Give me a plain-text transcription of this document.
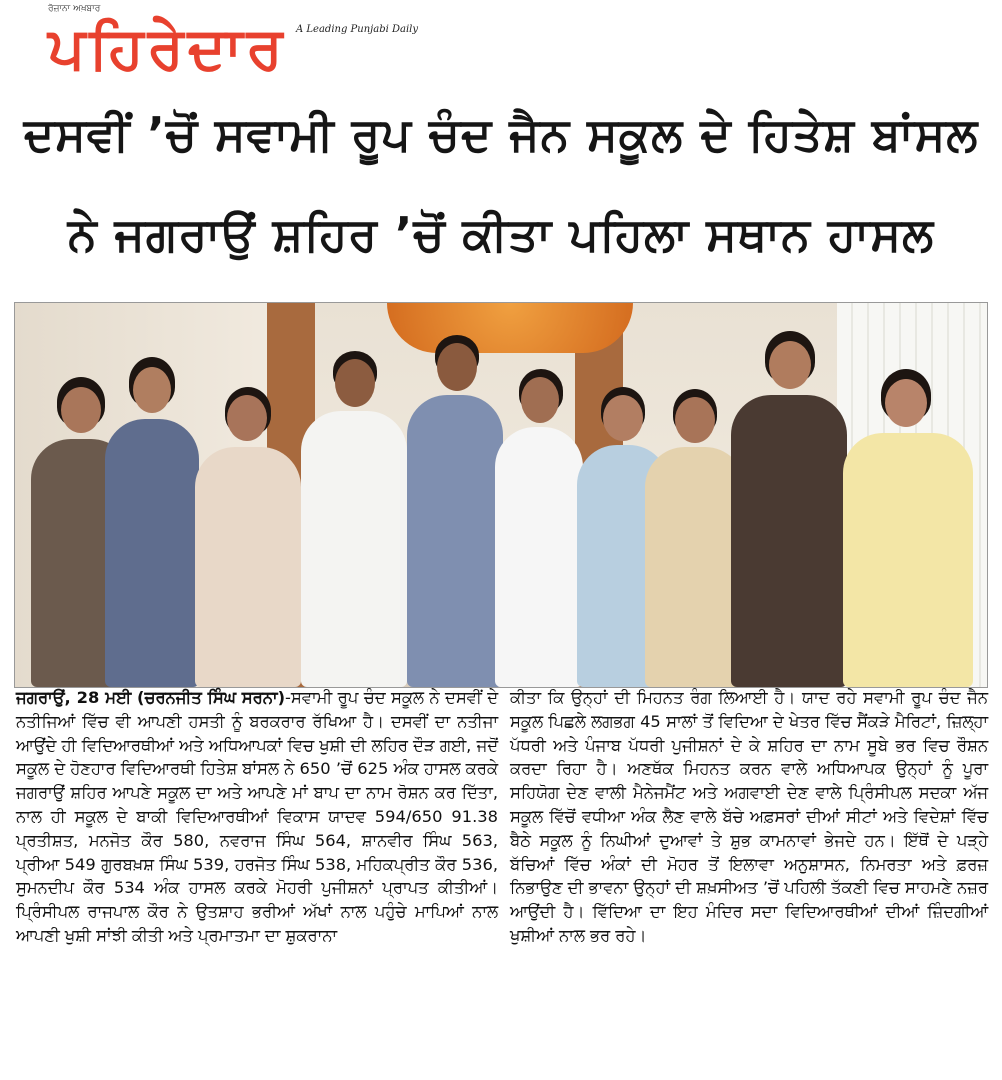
ਰੋਜ਼ਾਨਾ ਅਖ਼ਬਾਰ
ਪਹਿਰੇਦਾਰ A Leading Punjabi Daily
ਦਸਵੀਂ ’ਚੋਂ ਸਵਾਮੀ ਰੂਪ ਚੰਦ ਜੈਨ ਸਕੂਲ ਦੇ ਹਿਤੇਸ਼ ਬਾਂਸਲ
ਨੇ ਜਗਰਾਉਂ ਸ਼ਹਿਰ ’ਚੋਂ ਕੀਤਾ ਪਹਿਲਾ ਸਥਾਨ ਹਾਸਲ

ਜਗਰਾਉਂ, 28 ਮਈ (ਚਰਨਜੀਤ ਸਿੰਘ ਸਰਨਾ)-ਸਵਾਮੀ ਰੂਪ ਚੰਦ ਸਕੂਲ ਨੇ ਦਸਵੀਂ ਦੇ ਨਤੀਜਿਆਂ ਵਿੱਚ ਵੀ ਆਪਣੀ ਹਸਤੀ ਨੂੰ ਬਰਕਰਾਰ ਰੱਖਿਆ ਹੈ। ਦਸਵੀਂ ਦਾ ਨਤੀਜਾ ਆਉਂਦੇ ਹੀ ਵਿਦਿਆਰਥੀਆਂ ਅਤੇ ਅਧਿਆਪਕਾਂ ਵਿਚ ਖੁਸ਼ੀ ਦੀ ਲਹਿਰ ਦੌੜ ਗਈ, ਜਦੋਂ ਸਕੂਲ ਦੇ ਹੋਣਹਾਰ ਵਿਦਿਆਰਥੀ ਹਿਤੇਸ਼ ਬਾਂਸਲ ਨੇ 650 ’ਚੋਂ 625 ਅੰਕ ਹਾਸਲ ਕਰਕੇ ਜਗਰਾਉਂ ਸ਼ਹਿਰ ਆਪਣੇ ਸਕੂਲ ਦਾ ਅਤੇ ਆਪਣੇ ਮਾਂ ਬਾਪ ਦਾ ਨਾਮ ਰੋਸ਼ਨ ਕਰ ਦਿੱਤਾ, ਨਾਲ ਹੀ ਸਕੂਲ ਦੇ ਬਾਕੀ ਵਿਦਿਆਰਥੀਆਂ ਵਿਕਾਸ ਯਾਦਵ 594/650 91.38 ਪ੍ਰਤੀਸ਼ਤ, ਮਨਜੋਤ ਕੌਰ 580, ਨਵਰਾਜ ਸਿੰਘ 564, ਸ਼ਾਨਵੀਰ ਸਿੰਘ 563, ਪ੍ਰੀਆ 549 ਗੁਰਬਖ਼ਸ਼ ਸਿੰਘ 539, ਹਰਜੋਤ ਸਿੰਘ 538, ਮਹਿਕਪ੍ਰੀਤ ਕੌਰ 536, ਸੁਮਨਦੀਪ ਕੌਰ 534 ਅੰਕ ਹਾਸਲ ਕਰਕੇ ਮੋਹਰੀ ਪੁਜੀਸ਼ਨਾਂ ਪ੍ਰਾਪਤ ਕੀਤੀਆਂ। ਪ੍ਰਿੰਸੀਪਲ ਰਾਜਪਾਲ ਕੌਰ ਨੇ ਉਤਸ਼ਾਹ ਭਰੀਆਂ ਅੱਖਾਂ ਨਾਲ ਪਹੁੰਚੇ ਮਾਪਿਆਂ ਨਾਲ ਆਪਣੀ ਖੁਸ਼ੀ ਸਾਂਝੀ ਕੀਤੀ ਅਤੇ ਪ੍ਰਮਾਤਮਾ ਦਾ ਸ਼ੁਕਰਾਨਾ

ਕੀਤਾ ਕਿ ਉਨ੍ਹਾਂ ਦੀ ਮਿਹਨਤ ਰੰਗ ਲਿਆਈ ਹੈ। ਯਾਦ ਰਹੇ ਸਵਾਮੀ ਰੂਪ ਚੰਦ ਜੈਨ ਸਕੂਲ ਪਿਛਲੇ ਲਗਭਗ 45 ਸਾਲਾਂ ਤੋਂ ਵਿਦਿਆ ਦੇ ਖੇਤਰ ਵਿੱਚ ਸੈਂਕੜੇ ਮੈਰਿਟਾਂ, ਜ਼ਿਲ੍ਹਾ ਪੱਧਰੀ ਅਤੇ ਪੰਜਾਬ ਪੱਧਰੀ ਪੁਜੀਸ਼ਨਾਂ ਦੇ ਕੇ ਸ਼ਹਿਰ ਦਾ ਨਾਮ ਸੂਬੇ ਭਰ ਵਿਚ ਰੌਸ਼ਨ ਕਰਦਾ ਰਿਹਾ ਹੈ। ਅਣਥੱਕ ਮਿਹਨਤ ਕਰਨ ਵਾਲੇ ਅਧਿਆਪਕ ਉਨ੍ਹਾਂ ਨੂੰ ਪੂਰਾ ਸਹਿਯੋਗ ਦੇਣ ਵਾਲੀ ਮੈਨੇਜਮੈਂਟ ਅਤੇ ਅਗਵਾਈ ਦੇਣ ਵਾਲੇ ਪ੍ਰਿੰਸੀਪਲ ਸਦਕਾ ਅੱਜ ਸਕੂਲ ਵਿੱਚੋਂ ਵਧੀਆ ਅੰਕ ਲੈਣ ਵਾਲੇ ਬੱਚੇ ਅਫ਼ਸਰਾਂ ਦੀਆਂ ਸੀਟਾਂ ਅਤੇ ਵਿਦੇਸ਼ਾਂ ਵਿੱਚ ਬੈਠੇ ਸਕੂਲ ਨੂੰ ਨਿਘੀਆਂ ਦੁਆਵਾਂ ਤੇ ਸ਼ੁਭ ਕਾਮਨਾਵਾਂ ਭੇਜਦੇ ਹਨ। ਇੱਥੋਂ ਦੇ ਪੜ੍ਹੇ ਬੱਚਿਆਂ ਵਿੱਚ ਅੰਕਾਂ ਦੀ ਮੋਹਰ ਤੋਂ ਇਲਾਵਾ ਅਨੁਸ਼ਾਸਨ, ਨਿਮਰਤਾ ਅਤੇ ਫ਼ਰਜ਼ ਨਿਭਾਉਣ ਦੀ ਭਾਵਨਾ ਉਨ੍ਹਾਂ ਦੀ ਸ਼ਖ਼ਸੀਅਤ ’ਚੋਂ ਪਹਿਲੀ ਤੱਕਣੀ ਵਿਚ ਸਾਹਮਣੇ ਨਜ਼ਰ ਆਉਂਦੀ ਹੈ। ਵਿੱਦਿਆ ਦਾ ਇਹ ਮੰਦਿਰ ਸਦਾ ਵਿਦਿਆਰਥੀਆਂ ਦੀਆਂ ਜ਼ਿੰਦਗੀਆਂ ਖੁਸ਼ੀਆਂ ਨਾਲ ਭਰ ਰਹੇ।
